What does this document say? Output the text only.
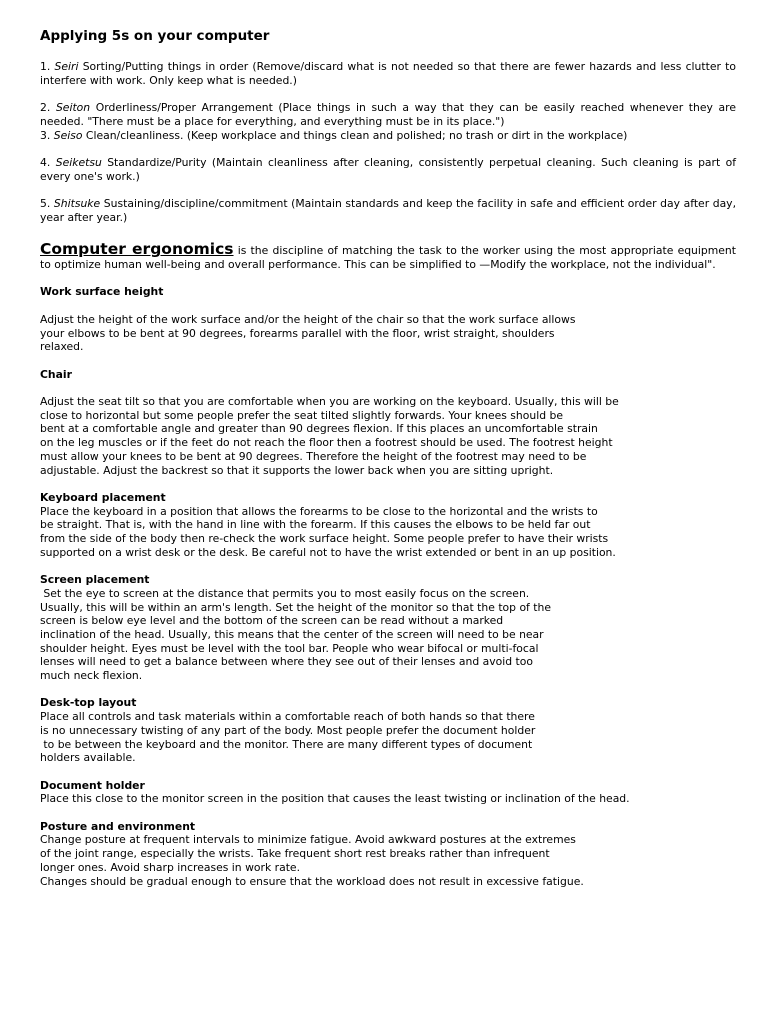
Applying 5s on your computer

1. Seiri Sorting/Putting things in order (Remove/discard what is not needed so that there are fewer hazards and less clutter to interfere with work. Only keep what is needed.)

2. Seiton Orderliness/Proper Arrangement (Place things in such a way that they can be easily reached whenever they are needed. "There must be a place for everything, and everything must be in its place.")

3. Seiso Clean/cleanliness. (Keep workplace and things clean and polished; no trash or dirt in the workplace)

4. Seiketsu Standardize/Purity (Maintain cleanliness after cleaning, consistently perpetual cleaning. Such cleaning is part of every one's work.)

5. Shitsuke Sustaining/discipline/commitment (Maintain standards and keep the facility in safe and efficient order day after day, year after year.)

Computer ergonomics is the discipline of matching the task to the worker using the most appropriate equipment to optimize human well-being and overall performance. This can be simplified to —Modify the workplace, not the individual".

Work surface height

Adjust the height of the work surface and/or the height of the chair so that the work surface allows
your elbows to be bent at 90 degrees, forearms parallel with the floor, wrist straight, shoulders
relaxed.

Chair

Adjust the seat tilt so that you are comfortable when you are working on the keyboard. Usually, this will be
close to horizontal but some people prefer the seat tilted slightly forwards. Your knees should be
bent at a comfortable angle and greater than 90 degrees flexion. If this places an uncomfortable strain
on the leg muscles or if the feet do not reach the floor then a footrest should be used. The footrest height
must allow your knees to be bent at 90 degrees. Therefore the height of the footrest may need to be
adjustable. Adjust the backrest so that it supports the lower back when you are sitting upright.

Keyboard placement

Place the keyboard in a position that allows the forearms to be close to the horizontal and the wrists to
be straight. That is, with the hand in line with the forearm. If this causes the elbows to be held far out
from the side of the body then re-check the work surface height. Some people prefer to have their wrists
supported on a wrist desk or the desk. Be careful not to have the wrist extended or bent in an up position.

Screen placement

Set the eye to screen at the distance that permits you to most easily focus on the screen.
Usually, this will be within an arm's length. Set the height of the monitor so that the top of the
screen is below eye level and the bottom of the screen can be read without a marked
inclination of the head. Usually, this means that the center of the screen will need to be near
shoulder height. Eyes must be level with the tool bar. People who wear bifocal or multi-focal
lenses will need to get a balance between where they see out of their lenses and avoid too
much neck flexion.

Desk-top layout

Place all controls and task materials within a comfortable reach of both hands so that there
is no unnecessary twisting of any part of the body. Most people prefer the document holder
to be between the keyboard and the monitor. There are many different types of document
holders available.

Document holder

Place this close to the monitor screen in the position that causes the least twisting or inclination of the head.

Posture and environment

Change posture at frequent intervals to minimize fatigue. Avoid awkward postures at the extremes
of the joint range, especially the wrists. Take frequent short rest breaks rather than infrequent
longer ones. Avoid sharp increases in work rate.
Changes should be gradual enough to ensure that the workload does not result in excessive fatigue.
